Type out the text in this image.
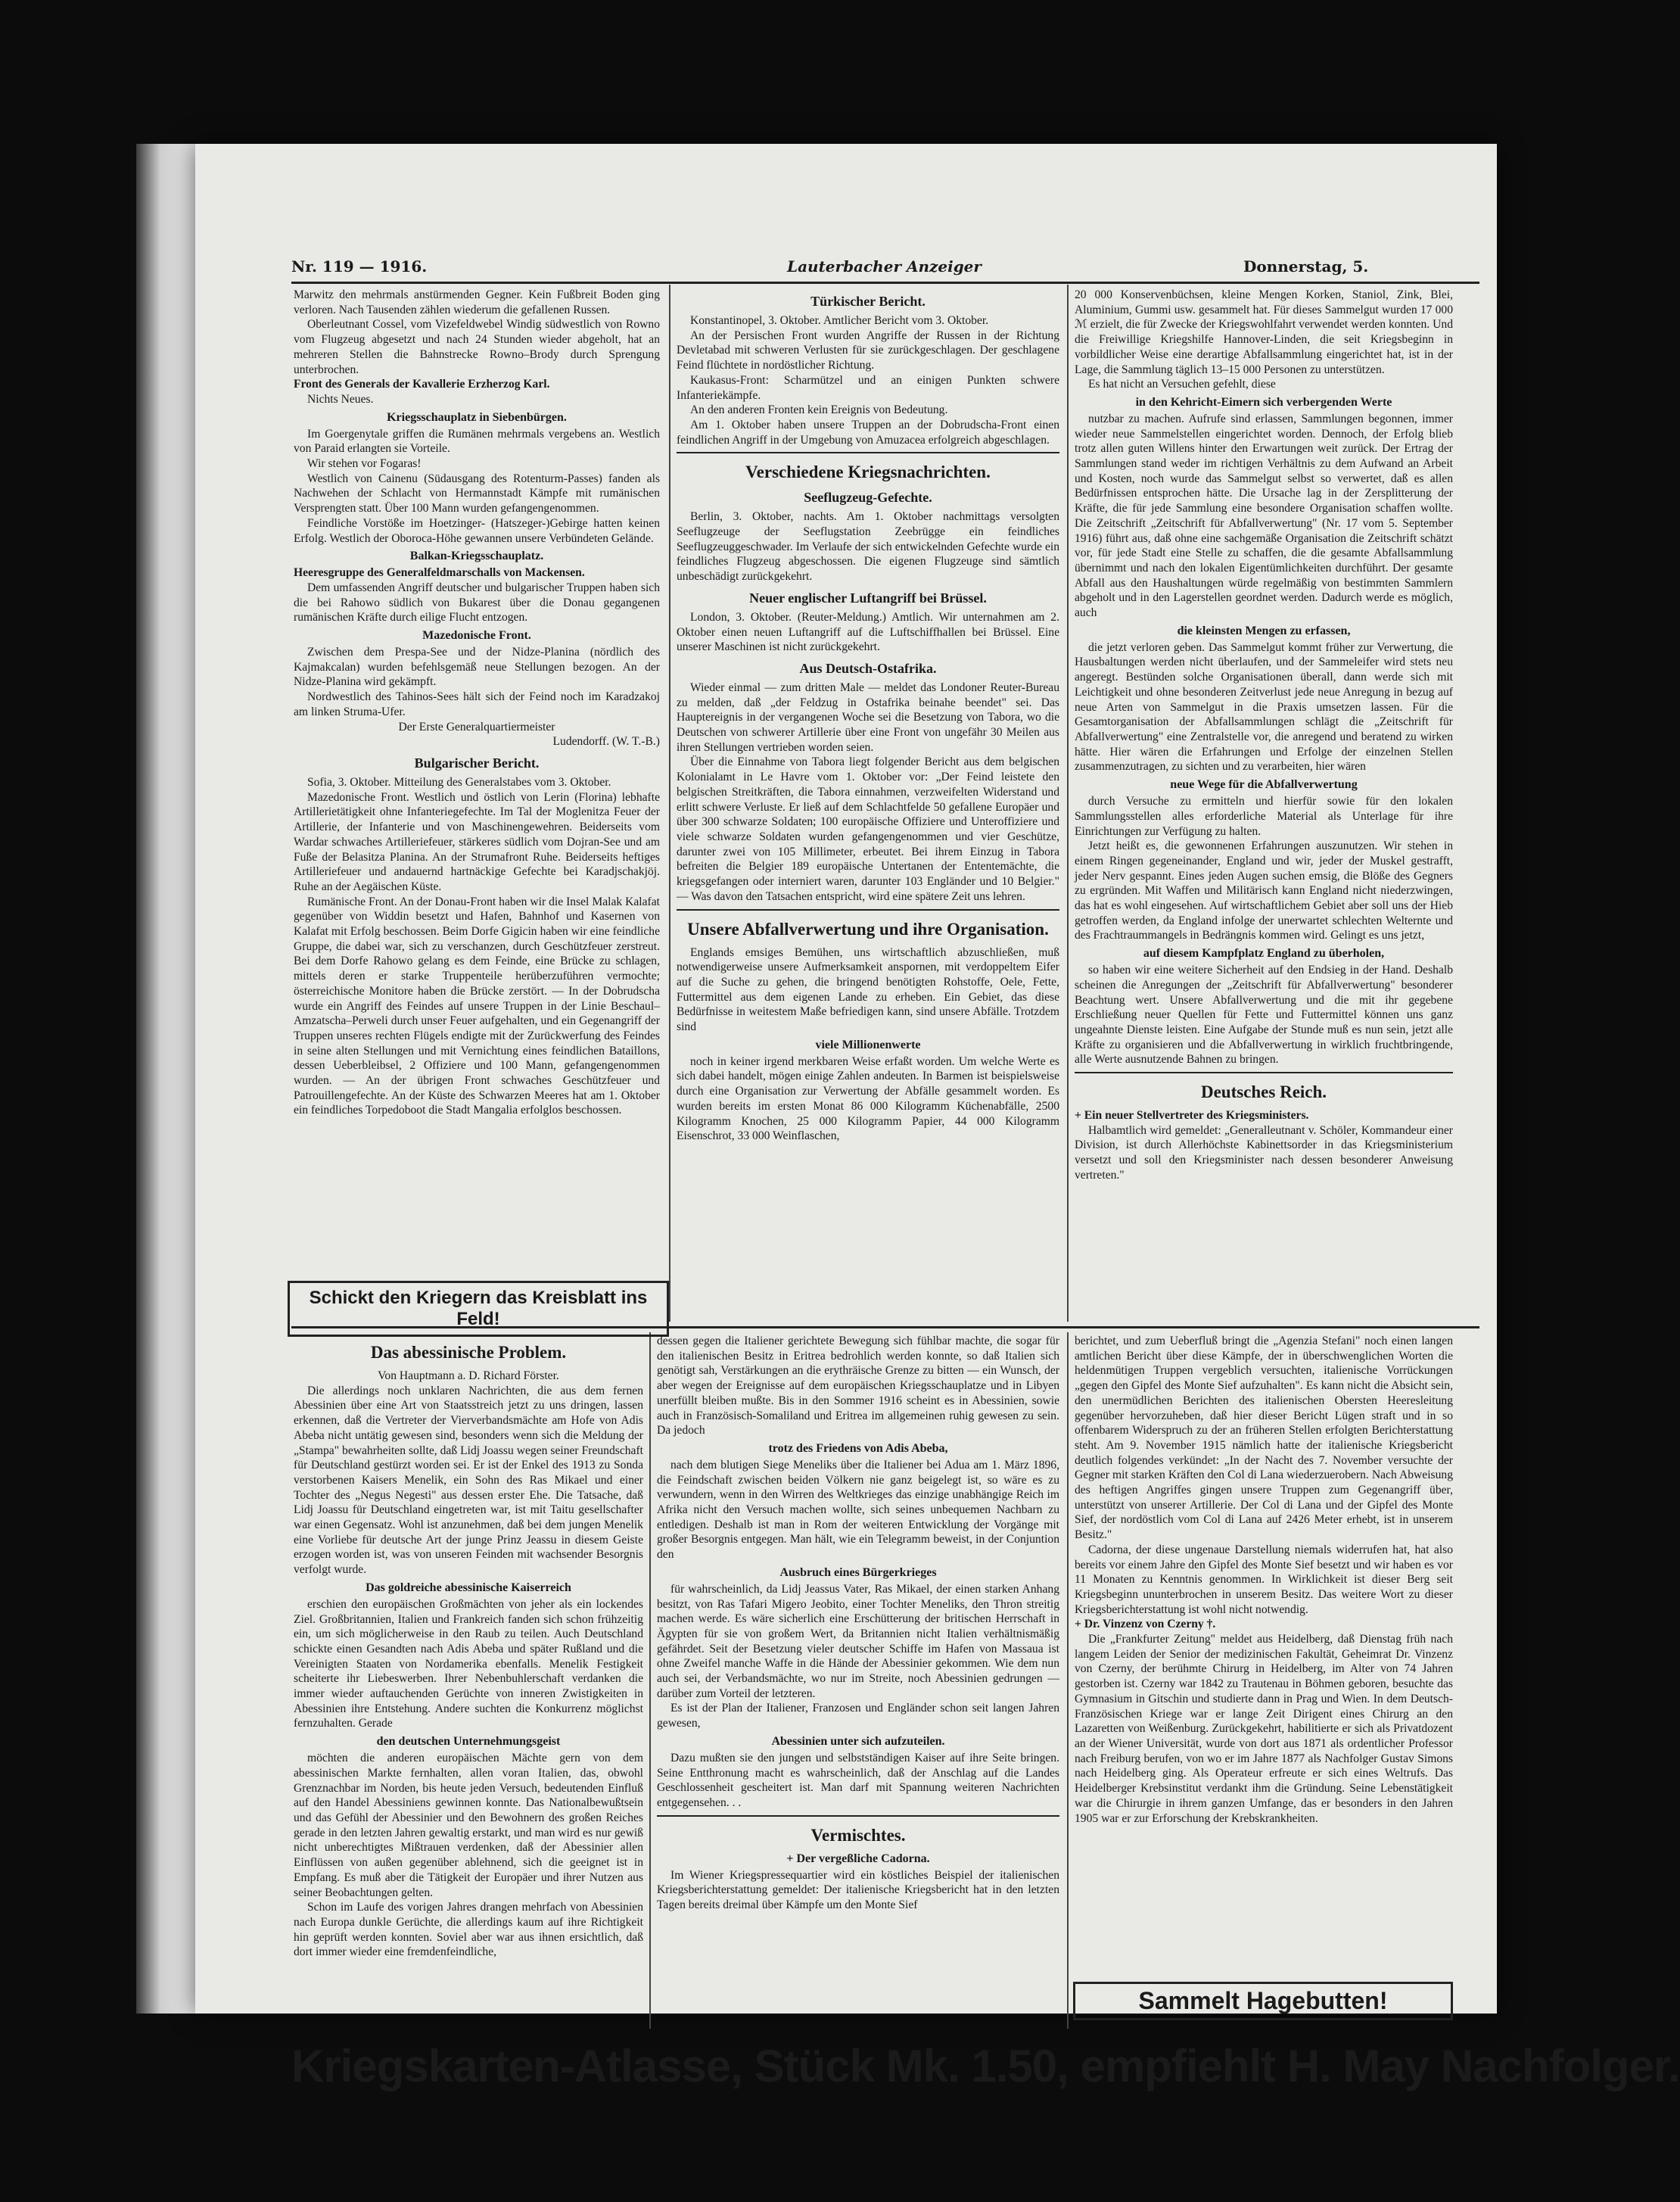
Nr. 119 — 1916.	Lauterbacher Anzeiger	Donnerstag, 5.

Marwitz den mehrmals anstürmenden Gegner. Kein Fußbreit Boden ging verloren. Nach Tausenden zählen wiederum die gefallenen Russen.

Oberleutnant Cossel, vom Vizefeldwebel Windig südwestlich von Rowno vom Flugzeug abgesetzt und nach 24 Stunden wieder abgeholt, hat an mehreren Stellen die Bahnstrecke Rowno–Brody durch Sprengung unterbrochen.

Front des Generals der Kavallerie Erzherzog Karl.

Nichts Neues.

Kriegsschauplatz in Siebenbürgen.

Im Goergenytale griffen die Rumänen mehrmals vergebens an. Westlich von Paraid erlangten sie Vorteile.

Wir stehen vor Fogaras!

Westlich von Cainenu (Südausgang des Rotenturm-Passes) fanden als Nachwehen der Schlacht von Hermannstadt Kämpfe mit rumänischen Versprengten statt. Über 100 Mann wurden gefangengenommen.

Feindliche Vorstöße im Hoetzinger- (Hatszeger-)Gebirge hatten keinen Erfolg. Westlich der Oboroca-Höhe gewannen unsere Verbündeten Gelände.

Balkan-Kriegsschauplatz.
Heeresgruppe des Generalfeldmarschalls von Mackensen.

Dem umfassenden Angriff deutscher und bulgarischer Truppen haben sich die bei Rahowo südlich von Bukarest über die Donau gegangenen rumänischen Kräfte durch eilige Flucht entzogen.

Mazedonische Front.

Zwischen dem Prespa-See und der Nidze-Planina (nördlich des Kajmakcalan) wurden befehlsgemäß neue Stellungen bezogen. An der Nidze-Planina wird gekämpft.

Nordwestlich des Tahinos-Sees hält sich der Feind noch im Karadzakoj am linken Struma-Ufer.

Der Erste Generalquartiermeister
Ludendorff. (W. T.-B.)
Bulgarischer Bericht.

Sofia, 3. Oktober. Mitteilung des Generalstabes vom 3. Oktober.

Mazedonische Front. Westlich und östlich von Lerin (Florina) lebhafte Artillerietätigkeit ohne Infanteriegefechte. Im Tal der Moglenitza Feuer der Artillerie, der Infanterie und von Maschinengewehren. Beiderseits vom Wardar schwaches Artilleriefeuer, stärkeres südlich vom Dojran-See und am Fuße der Belasitza Planina. An der Strumafront Ruhe. Beiderseits heftiges Artilleriefeuer und andauernd hartnäckige Gefechte bei Karadjschakjöj. Ruhe an der Aegäischen Küste.

Rumänische Front. An der Donau-Front haben wir die Insel Malak Kalafat gegenüber von Widdin besetzt und Hafen, Bahnhof und Kasernen von Kalafat mit Erfolg beschossen. Beim Dorfe Gigicin haben wir eine feindliche Gruppe, die dabei war, sich zu verschanzen, durch Geschützfeuer zerstreut. Bei dem Dorfe Rahowo gelang es dem Feinde, eine Brücke zu schlagen, mittels deren er starke Truppenteile herüberzuführen vermochte; österreichische Monitore haben die Brücke zerstört. — In der Dobrudscha wurde ein Angriff des Feindes auf unsere Truppen in der Linie Beschaul–Amzatscha–Perweli durch unser Feuer aufgehalten, und ein Gegenangriff der Truppen unseres rechten Flügels endigte mit der Zurückwerfung des Feindes in seine alten Stellungen und mit Vernichtung eines feindlichen Bataillons, dessen Ueberbleibsel, 2 Offiziere und 100 Mann, gefangengenommen wurden. — An der übrigen Front schwaches Geschützfeuer und Patrouillengefechte. An der Küste des Schwarzen Meeres hat am 1. Oktober ein feindliches Torpedoboot die Stadt Mangalia erfolglos beschossen.

Schickt den Kriegern das Kreisblatt ins Feld!
Türkischer Bericht.

Konstantinopel, 3. Oktober. Amtlicher Bericht vom 3. Oktober.

An der Persischen Front wurden Angriffe der Russen in der Richtung Devletabad mit schweren Verlusten für sie zurückgeschlagen. Der geschlagene Feind flüchtete in nordöstlicher Richtung.

Kaukasus-Front: Scharmützel und an einigen Punkten schwere Infanteriekämpfe.

An den anderen Fronten kein Ereignis von Bedeutung.

Am 1. Oktober haben unsere Truppen an der Dobrudscha-Front einen feindlichen Angriff in der Umgebung von Amuzacea erfolgreich abgeschlagen.

Verschiedene Kriegsnachrichten.
Seeflugzeug-Gefechte.

Berlin, 3. Oktober, nachts. Am 1. Oktober nachmittags versolgten Seeflugzeuge der Seeflugstation Zeebrügge ein feindliches Seeflugzeuggeschwader. Im Verlaufe der sich entwickelnden Gefechte wurde ein feindliches Flugzeug abgeschossen. Die eigenen Flugzeuge sind sämtlich unbeschädigt zurückgekehrt.

Neuer englischer Luftangriff bei Brüssel.

London, 3. Oktober. (Reuter-Meldung.) Amtlich. Wir unternahmen am 2. Oktober einen neuen Luftangriff auf die Luftschiffhallen bei Brüssel. Eine unserer Maschinen ist nicht zurückgekehrt.

Aus Deutsch-Ostafrika.

Wieder einmal — zum dritten Male — meldet das Londoner Reuter-Bureau zu melden, daß „der Feldzug in Ostafrika beinahe beendet" sei. Das Hauptereignis in der vergangenen Woche sei die Besetzung von Tabora, wo die Deutschen von schwerer Artillerie über eine Front von ungefähr 30 Meilen aus ihren Stellungen vertrieben worden seien.

Über die Einnahme von Tabora liegt folgender Bericht aus dem belgischen Kolonialamt in Le Havre vom 1. Oktober vor: „Der Feind leistete den belgischen Streitkräften, die Tabora einnahmen, verzweifelten Widerstand und erlitt schwere Verluste. Er ließ auf dem Schlachtfelde 50 gefallene Europäer und über 300 schwarze Soldaten; 100 europäische Offiziere und Unteroffiziere und viele schwarze Soldaten wurden gefangengenommen und vier Geschütze, darunter zwei von 105 Millimeter, erbeutet. Bei ihrem Einzug in Tabora befreiten die Belgier 189 europäische Untertanen der Ententemächte, die kriegsgefangen oder interniert waren, darunter 103 Engländer und 10 Belgier." — Was davon den Tatsachen entspricht, wird eine spätere Zeit uns lehren.

Unsere Abfallverwertung und ihre Organisation.

Englands emsiges Bemühen, uns wirtschaftlich abzuschließen, muß notwendigerweise unsere Aufmerksamkeit anspornen, mit verdoppeltem Eifer auf die Suche zu gehen, die bringend benötigten Rohstoffe, Oele, Fette, Futtermittel aus dem eigenen Lande zu erheben. Ein Gebiet, das diese Bedürfnisse in weitestem Maße befriedigen kann, sind unsere Abfälle. Trotzdem sind

viele Millionenwerte

noch in keiner irgend merkbaren Weise erfaßt worden. Um welche Werte es sich dabei handelt, mögen einige Zahlen andeuten. In Barmen ist beispielsweise durch eine Organisation zur Verwertung der Abfälle gesammelt worden. Es wurden bereits im ersten Monat 86 000 Kilogramm Küchenabfälle, 2500 Kilogramm Knochen, 25 000 Kilogramm Papier, 44 000 Kilogramm Eisenschrot, 33 000 Weinflaschen,

20 000 Konservenbüchsen, kleine Mengen Korken, Staniol, Zink, Blei, Aluminium, Gummi usw. gesammelt hat. Für dieses Sammelgut wurden 17 000 ℳ erzielt, die für Zwecke der Kriegswohlfahrt verwendet werden konnten. Und die Freiwillige Kriegshilfe Hannover-Linden, die seit Kriegsbeginn in vorbildlicher Weise eine derartige Abfallsammlung eingerichtet hat, ist in der Lage, die Sammlung täglich 13–15 000 Personen zu unterstützen.

Es hat nicht an Versuchen gefehlt, diese

in den Kehricht-Eimern sich verbergenden Werte

nutzbar zu machen. Aufrufe sind erlassen, Sammlungen begonnen, immer wieder neue Sammelstellen eingerichtet worden. Dennoch, der Erfolg blieb trotz allen guten Willens hinter den Erwartungen weit zurück. Der Ertrag der Sammlungen stand weder im richtigen Verhältnis zu dem Aufwand an Arbeit und Kosten, noch wurde das Sammelgut selbst so verwertet, daß es allen Bedürfnissen entsprochen hätte. Die Ursache lag in der Zersplitterung der Kräfte, die für jede Sammlung eine besondere Organisation schaffen wollte. Die Zeitschrift „Zeitschrift für Abfallverwertung" (Nr. 17 vom 5. September 1916) führt aus, daß ohne eine sachgemäße Organisation die Zeitschrift schätzt vor, für jede Stadt eine Stelle zu schaffen, die die gesamte Abfallsammlung übernimmt und nach den lokalen Eigentümlichkeiten durchführt. Der gesamte Abfall aus den Haushaltungen würde regelmäßig von bestimmten Sammlern abgeholt und in den Lagerstellen geordnet werden. Dadurch werde es möglich, auch

die kleinsten Mengen zu erfassen,

die jetzt verloren geben. Das Sammelgut kommt früher zur Verwertung, die Hausbaltungen werden nicht überlaufen, und der Sammeleifer wird stets neu angeregt. Bestünden solche Organisationen überall, dann werde sich mit Leichtigkeit und ohne besonderen Zeitverlust jede neue Anregung in bezug auf neue Arten von Sammelgut in die Praxis umsetzen lassen. Für die Gesamtorganisation der Abfallsammlungen schlägt die „Zeitschrift für Abfallverwertung" eine Zentralstelle vor, die anregend und beratend zu wirken hätte. Hier wären die Erfahrungen und Erfolge der einzelnen Stellen zusammenzutragen, zu sichten und zu verarbeiten, hier wären

neue Wege für die Abfallverwertung

durch Versuche zu ermitteln und hierfür sowie für den lokalen Sammlungsstellen alles erforderliche Material als Unterlage für ihre Einrichtungen zur Verfügung zu halten.

Jetzt heißt es, die gewonnenen Erfahrungen auszunutzen. Wir stehen in einem Ringen gegeneinander, England und wir, jeder der Muskel gestrafft, jeder Nerv gespannt. Eines jeden Augen suchen emsig, die Blöße des Gegners zu ergründen. Mit Waffen und Militärisch kann England nicht niederzwingen, das hat es wohl eingesehen. Auf wirtschaftlichem Gebiet aber soll uns der Hieb getroffen werden, da England infolge der unerwartet schlechten Welternte und des Frachtraummangels in Bedrängnis kommen wird. Gelingt es uns jetzt,

auf diesem Kampfplatz England zu überholen,

so haben wir eine weitere Sicherheit auf den Endsieg in der Hand. Deshalb scheinen die Anregungen der „Zeitschrift für Abfallverwertung" besonderer Beachtung wert. Unsere Abfallverwertung und die mit ihr gegebene Erschließung neuer Quellen für Fette und Futtermittel können uns ganz ungeahnte Dienste leisten. Eine Aufgabe der Stunde muß es nun sein, jetzt alle Kräfte zu organisieren und die Abfallverwertung in wirklich fruchtbringende, alle Werte ausnutzende Bahnen zu bringen.

Deutsches Reich.
+ Ein neuer Stellvertreter des Kriegsministers.

Halbamtlich wird gemeldet: „Generalleutnant v. Schöler, Kommandeur einer Division, ist durch Allerhöchste Kabinettsorder in das Kriegsministerium versetzt und soll den Kriegsminister nach dessen besonderer Anweisung vertreten."

Das abessinische Problem.
Von Hauptmann a. D. Richard Förster.

Die allerdings noch unklaren Nachrichten, die aus dem fernen Abessinien über eine Art von Staatsstreich jetzt zu uns dringen, lassen erkennen, daß die Vertreter der Vierverbandsmächte am Hofe von Adis Abeba nicht untätig gewesen sind, besonders wenn sich die Meldung der „Stampa" bewahrheiten sollte, daß Lidj Joassu wegen seiner Freundschaft für Deutschland gestürzt worden sei. Er ist der Enkel des 1913 zu Sonda verstorbenen Kaisers Menelik, ein Sohn des Ras Mikael und einer Tochter des „Negus Negesti" aus dessen erster Ehe. Die Tatsache, daß Lidj Joassu für Deutschland eingetreten war, ist mit Taitu gesellschafter war einen Gegensatz. Wohl ist anzunehmen, daß bei dem jungen Menelik eine Vorliebe für deutsche Art der junge Prinz Jeassu in diesem Geiste erzogen worden ist, was von unseren Feinden mit wachsender Besorgnis verfolgt wurde.

Das goldreiche abessinische Kaiserreich

erschien den europäischen Großmächten von jeher als ein lockendes Ziel. Großbritannien, Italien und Frankreich fanden sich schon frühzeitig ein, um sich möglicherweise in den Raub zu teilen. Auch Deutschland schickte einen Gesandten nach Adis Abeba und später Rußland und die Vereinigten Staaten von Nordamerika ebenfalls. Menelik Festigkeit scheiterte ihr Liebeswerben. Ihrer Nebenbuhlerschaft verdanken die immer wieder auftauchenden Gerüchte von inneren Zwistigkeiten in Abessinien ihre Entstehung. Andere suchten die Konkurrenz möglichst fernzuhalten. Gerade

den deutschen Unternehmungsgeist

möchten die anderen europäischen Mächte gern von dem abessinischen Markte fernhalten, allen voran Italien, das, obwohl Grenznachbar im Norden, bis heute jeden Versuch, bedeutenden Einfluß auf den Handel Abessiniens gewinnen konnte. Das Nationalbewußtsein und das Gefühl der Abessinier und den Bewohnern des großen Reiches gerade in den letzten Jahren gewaltig erstarkt, und man wird es nur gewiß nicht unberechtigtes Mißtrauen verdenken, daß der Abessinier allen Einflüssen von außen gegenüber ablehnend, sich die geeignet ist in Empfang. Es muß aber die Tätigkeit der Europäer und ihrer Nutzen aus seiner Beobachtungen gelten.

Schon im Laufe des vorigen Jahres drangen mehrfach von Abessinien nach Europa dunkle Gerüchte, die allerdings kaum auf ihre Richtigkeit hin geprüft werden konnten. Soviel aber war aus ihnen ersichtlich, daß dort immer wieder eine fremdenfeindliche,

dessen gegen die Italiener gerichtete Bewegung sich fühlbar machte, die sogar für den italienischen Besitz in Eritrea bedrohlich werden konnte, so daß Italien sich genötigt sah, Verstärkungen an die erythräische Grenze zu bitten — ein Wunsch, der aber wegen der Ereignisse auf dem europäischen Kriegsschauplatze und in Libyen unerfüllt bleiben mußte. Bis in den Sommer 1916 scheint es in Abessinien, sowie auch in Französisch-Somaliland und Eritrea im allgemeinen ruhig gewesen zu sein. Da jedoch

trotz des Friedens von Adis Abeba,

nach dem blutigen Siege Meneliks über die Italiener bei Adua am 1. März 1896, die Feindschaft zwischen beiden Völkern nie ganz beigelegt ist, so wäre es zu verwundern, wenn in den Wirren des Weltkrieges das einzige unabhängige Reich im Afrika nicht den Versuch machen wollte, sich seines unbequemen Nachbarn zu entledigen. Deshalb ist man in Rom der weiteren Entwicklung der Vorgänge mit großer Besorgnis entgegen. Man hält, wie ein Telegramm beweist, in der Conjuntion den

Ausbruch eines Bürgerkrieges

für wahrscheinlich, da Lidj Jeassus Vater, Ras Mikael, der einen starken Anhang besitzt, von Ras Tafari Migero Jeobito, einer Tochter Meneliks, den Thron streitig machen werde. Es wäre sicherlich eine Erschütterung der britischen Herrschaft in Ägypten für sie von großem Wert, da Britannien nicht Italien verhältnismäßig gefährdet. Seit der Besetzung vieler deutscher Schiffe im Hafen von Massaua ist ohne Zweifel manche Waffe in die Hände der Abessinier gekommen. Wie dem nun auch sei, der Verbandsmächte, wo nur im Streite, noch Abessinien gedrungen — darüber zum Vorteil der letzteren.

Es ist der Plan der Italiener, Franzosen und Engländer schon seit langen Jahren gewesen,

Abessinien unter sich aufzuteilen.

Dazu mußten sie den jungen und selbstständigen Kaiser auf ihre Seite bringen. Seine Entthronung macht es wahrscheinlich, daß der Anschlag auf die Landes Geschlossenheit gescheitert ist. Man darf mit Spannung weiteren Nachrichten entgegensehen. . .

Vermischtes.
+ Der vergeßliche Cadorna.

Im Wiener Kriegspressequartier wird ein köstliches Beispiel der italienischen Kriegsberichterstattung gemeldet: Der italienische Kriegsbericht hat in den letzten Tagen bereits dreimal über Kämpfe um den Monte Sief

berichtet, und zum Ueberfluß bringt die „Agenzia Stefani" noch einen langen amtlichen Bericht über diese Kämpfe, der in überschwenglichen Worten die heldenmütigen Truppen vergeblich versuchten, italienische Vorrückungen „gegen den Gipfel des Monte Sief aufzuhalten". Es kann nicht die Absicht sein, den unermüdlichen Berichten des italienischen Obersten Heeresleitung gegenüber hervorzuheben, daß hier dieser Bericht Lügen straft und in so offenbarem Widerspruch zu der an früheren Stellen erfolgten Berichterstattung steht. Am 9. November 1915 nämlich hatte der italienische Kriegsbericht deutlich folgendes verkündet: „In der Nacht des 7. November versuchte der Gegner mit starken Kräften den Col di Lana wiederzuerobern. Nach Abweisung des heftigen Angriffes gingen unsere Truppen zum Gegenangriff über, unterstützt von unserer Artillerie. Der Col di Lana und der Gipfel des Monte Sief, der nordöstlich vom Col di Lana auf 2426 Meter erhebt, ist in unserem Besitz."

Cadorna, der diese ungenaue Darstellung niemals widerrufen hat, hat also bereits vor einem Jahre den Gipfel des Monte Sief besetzt und wir haben es vor 11 Monaten zu Kenntnis genommen. In Wirklichkeit ist dieser Berg seit Kriegsbeginn ununterbrochen in unserem Besitz. Das weitere Wort zu dieser Kriegsberichterstattung ist wohl nicht notwendig.

+ Dr. Vinzenz von Czerny †.

Die „Frankfurter Zeitung" meldet aus Heidelberg, daß Dienstag früh nach langem Leiden der Senior der medizinischen Fakultät, Geheimrat Dr. Vinzenz von Czerny, der berühmte Chirurg in Heidelberg, im Alter von 74 Jahren gestorben ist. Czerny war 1842 zu Trautenau in Böhmen geboren, besuchte das Gymnasium in Gitschin und studierte dann in Prag und Wien. In dem Deutsch-Französischen Kriege war er lange Zeit Dirigent eines Chirurg an den Lazaretten von Weißenburg. Zurückgekehrt, habilitierte er sich als Privatdozent an der Wiener Universität, wurde von dort aus 1871 als ordentlicher Professor nach Freiburg berufen, von wo er im Jahre 1877 als Nachfolger Gustav Simons nach Heidelberg ging. Als Operateur erfreute er sich eines Weltrufs. Das Heidelberger Krebsinstitut verdankt ihm die Gründung. Seine Lebenstätigkeit war die Chirurgie in ihrem ganzen Umfange, das er besonders in den Jahren 1905 war er zur Erforschung der Krebskrankheiten.

Sammelt Hagebutten!
Kriegskarten-Atlasse, Stück Mk. 1.50, empfiehlt H. May Nachfolger.
